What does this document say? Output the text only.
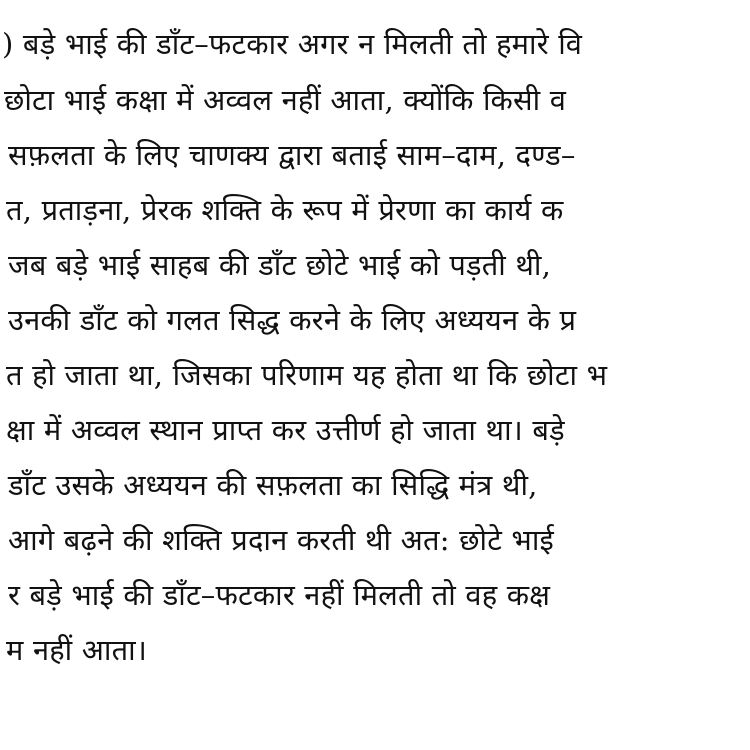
) बड़े भाई की डाँट–फटकार अगर न मिलती तो हमारे वि
छोटा भाई कक्षा में अव्वल नहीं आता, क्योंकि किसी व
सफ़लता के लिए चाणक्य द्वारा बताई साम–दाम, दण्ड–
त, प्रताड़ना, प्रेरक शक्ति के रूप में प्रेरणा का कार्य क
जब बड़े भाई साहब की डाँट छोटे भाई को पड़ती थी,
उनकी डाँट को गलत सिद्ध करने के लिए अध्ययन के प्र
त हो जाता था, जिसका परिणाम यह होता था कि छोटा भ
क्षा में अव्वल स्थान प्राप्त कर उत्तीर्ण हो जाता था। बड़े
डाँट उसके अध्ययन की सफ़लता का सिद्धि मंत्र थी,
आगे बढ़ने की शक्ति प्रदान करती थी अत: छोटे भाई
र बड़े भाई की डाँट–फटकार नहीं मिलती तो वह कक्ष
म नहीं आता।
